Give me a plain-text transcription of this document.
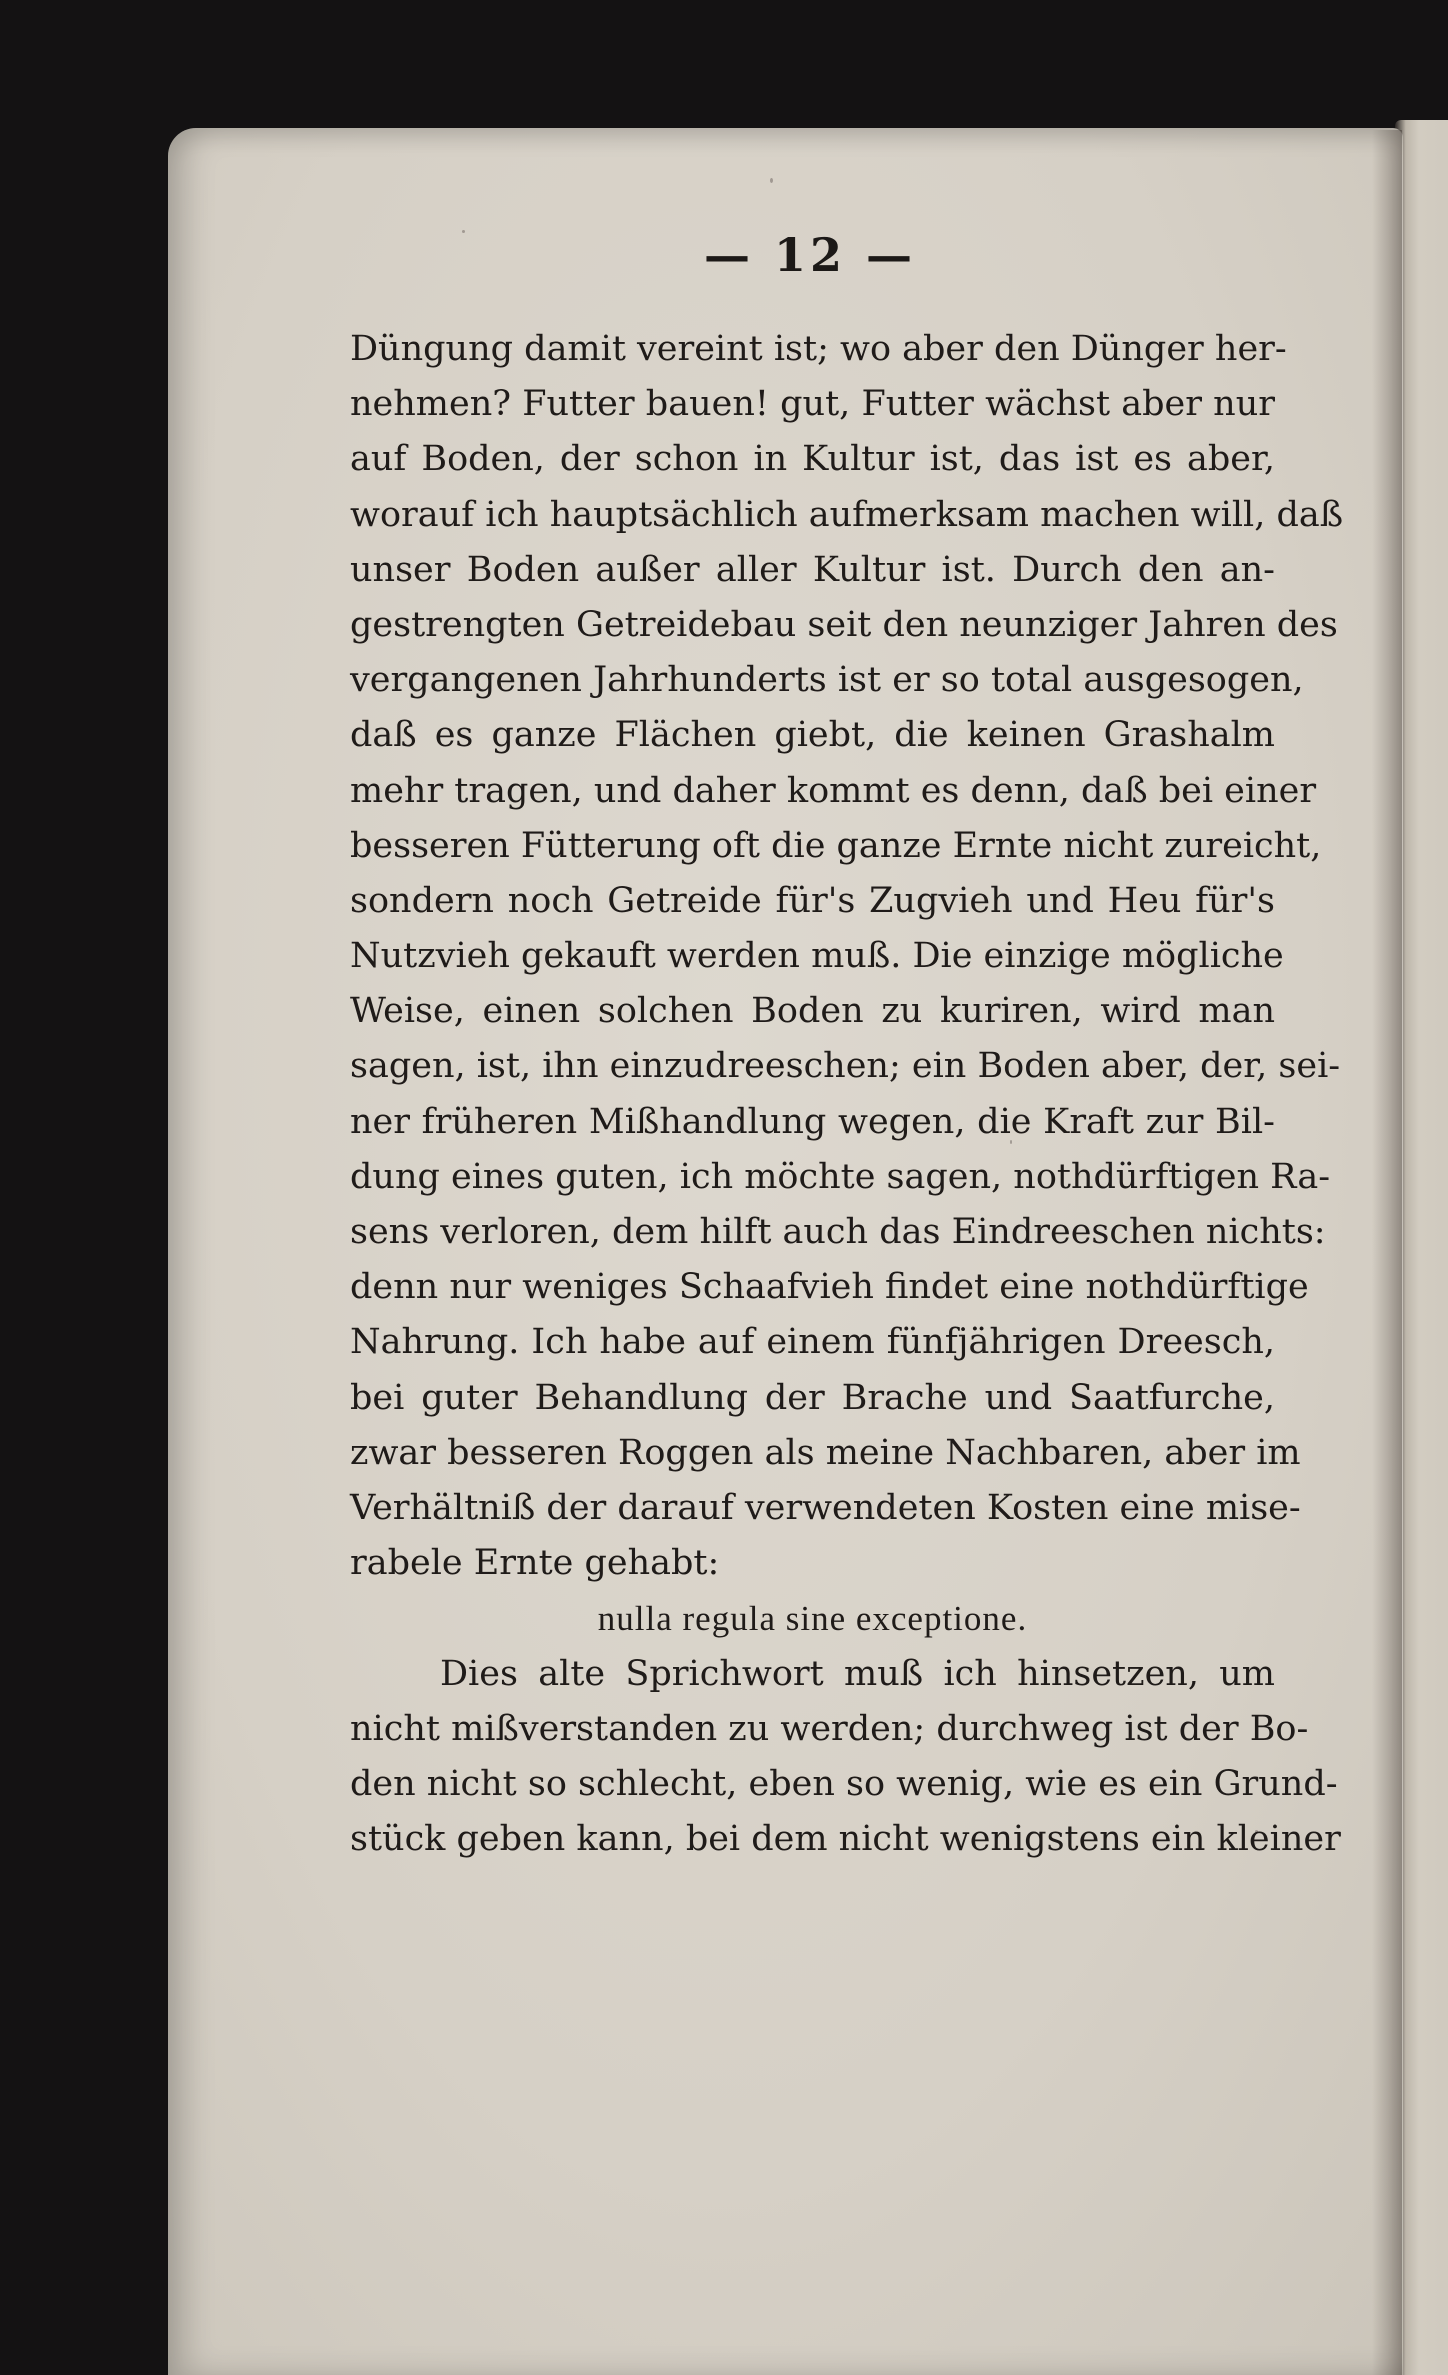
— 12 —
Düngung damit vereint ist; wo aber den Dünger her-
nehmen? Futter bauen! gut, Futter wächst aber nur
auf Boden, der schon in Kultur ist, das ist es aber,
worauf ich hauptsächlich aufmerksam machen will, daß
unser Boden außer aller Kultur ist. Durch den an-
gestrengten Getreidebau seit den neunziger Jahren des
vergangenen Jahrhunderts ist er so total ausgesogen,
daß es ganze Flächen giebt, die keinen Grashalm
mehr tragen, und daher kommt es denn, daß bei einer
besseren Fütterung oft die ganze Ernte nicht zureicht,
sondern noch Getreide für's Zugvieh und Heu für's
Nutzvieh gekauft werden muß. Die einzige mögliche
Weise, einen solchen Boden zu kuriren, wird man
sagen, ist, ihn einzudreeschen; ein Boden aber, der, sei-
ner früheren Mißhandlung wegen, die Kraft zur Bil-
dung eines guten, ich möchte sagen, nothdürftigen Ra-
sens verloren, dem hilft auch das Eindreeschen nichts:
denn nur weniges Schaafvieh findet eine nothdürftige
Nahrung. Ich habe auf einem fünfjährigen Dreesch,
bei guter Behandlung der Brache und Saatfurche,
zwar besseren Roggen als meine Nachbaren, aber im
Verhältniß der darauf verwendeten Kosten eine mise-
rabele Ernte gehabt:
nulla regula sine exceptione.
Dies alte Sprichwort muß ich hinsetzen, um
nicht mißverstanden zu werden; durchweg ist der Bo-
den nicht so schlecht, eben so wenig, wie es ein Grund-
stück geben kann, bei dem nicht wenigstens ein kleiner
